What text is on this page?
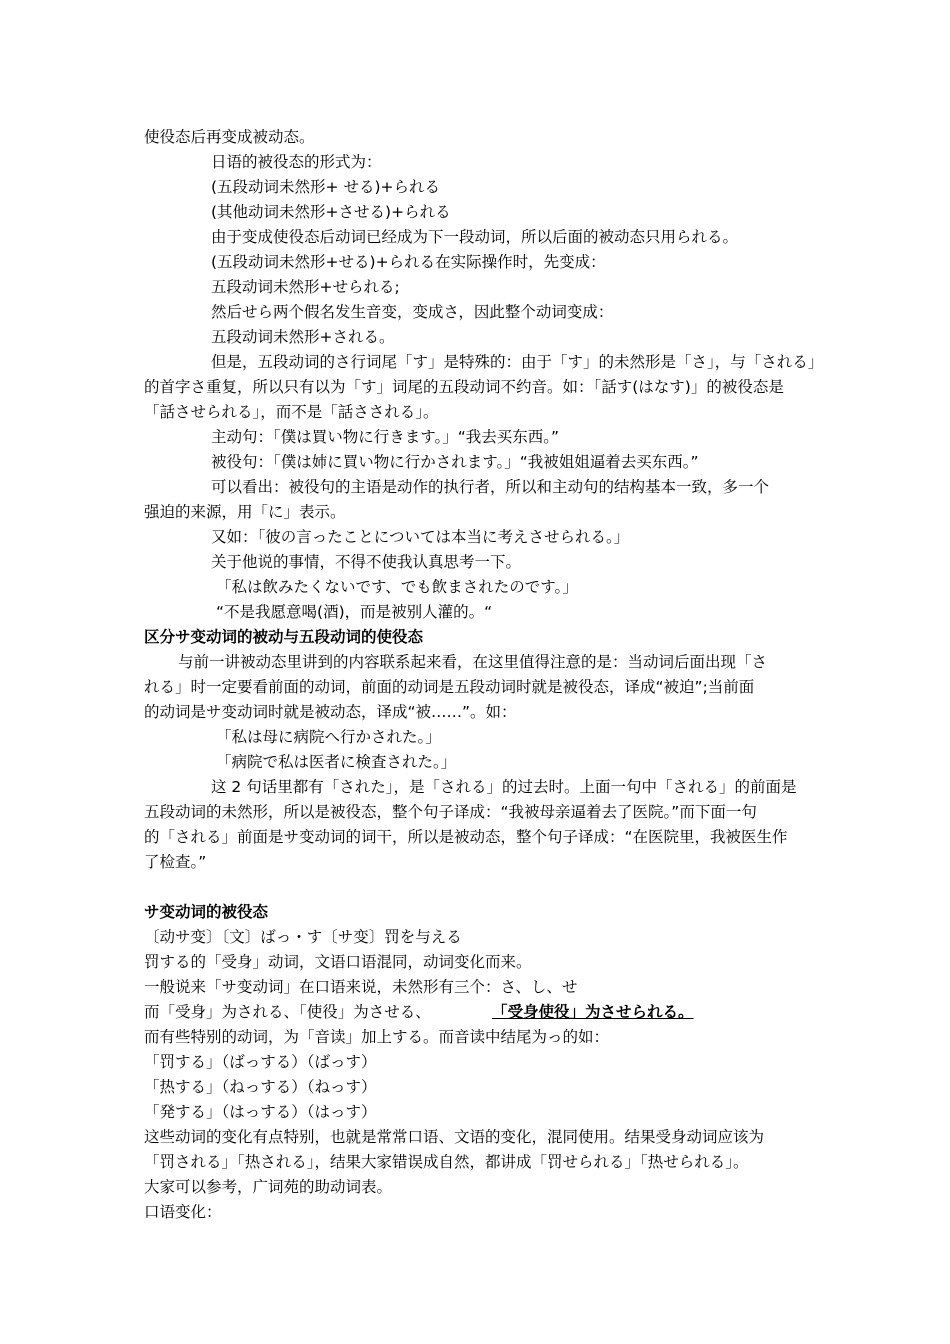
使役态后再变成被动态。
日语的被役态的形式为：
(五段动词未然形+ せる)+られる
(其他动词未然形+させる)+られる
由于变成使役态后动词已经成为下一段动词，所以后面的被动态只用られる。
(五段动词未然形+せる)+られる在实际操作时，先变成：
五段动词未然形+せられる;
然后せら两个假名发生音变，变成さ，因此整个动词变成：
五段动词未然形+される。
但是，五段动词的さ行词尾「す」是特殊的：由于「す」的未然形是「さ」，与「される」
的首字さ重复，所以只有以为「す」词尾的五段动词不约音。如：「話す(はなす)」的被役态是
「話させられる」，而不是「話さされる」。
主动句：「僕は買い物に行きます。」“我去买东西。”
被役句：「僕は姉に買い物に行かされます。」“我被姐姐逼着去买东西。”
可以看出：被役句的主语是动作的执行者，所以和主动句的结构基本一致，多一个
强迫的来源，用「に」表示。
又如：「彼の言ったことについては本当に考えさせられる。」
关于他说的事情，不得不使我认真思考一下。
「私は飲みたくないです、でも飲まされたのです。」
“不是我愿意喝(酒)，而是被别人灌的。“
区分サ变动词的被动与五段动词的使役态
与前一讲被动态里讲到的内容联系起来看，在这里值得注意的是：当动词后面出现「さ
れる」时一定要看前面的动词，前面的动词是五段动词时就是被役态，译成“被迫”;当前面
的动词是サ变动词时就是被动态，译成“被……”。如：
「私は母に病院へ行かされた。」
「病院で私は医者に検査された。」
这 2 句话里都有「された」，是「される」的过去时。上面一句中「される」的前面是
五段动词的未然形，所以是被役态，整个句子译成：“我被母亲逼着去了医院。”而下面一句
的「される」前面是サ变动词的词干，所以是被动态，整个句子译成：“在医院里，我被医生作
了检查。”
サ变动词的被役态
〔动サ变〕〔文〕ばっ・す〔サ变〕罚を与える
罚する的「受身」动词，文语口语混同，动词变化而来。
一般说来「サ变动词」在口语来说，未然形有三个：さ、し、せ
而「受身」为される、「使役」为させる、	「受身使役」为させられる。
而有些特别的动词，为「音读」加上する。而音读中结尾为っ的如：
「罚する」（ばっする）（ばっす）
「热する」（ねっする）（ねっす）
「発する」（はっする）（はっす）
这些动词的变化有点特别，也就是常常口语、文语的变化，混同使用。结果受身动词应该为
「罚される」「热される」，结果大家错误成自然，都讲成「罚せられる」「热せられる」。
大家可以参考，广词苑的助动词表。
口语变化：
